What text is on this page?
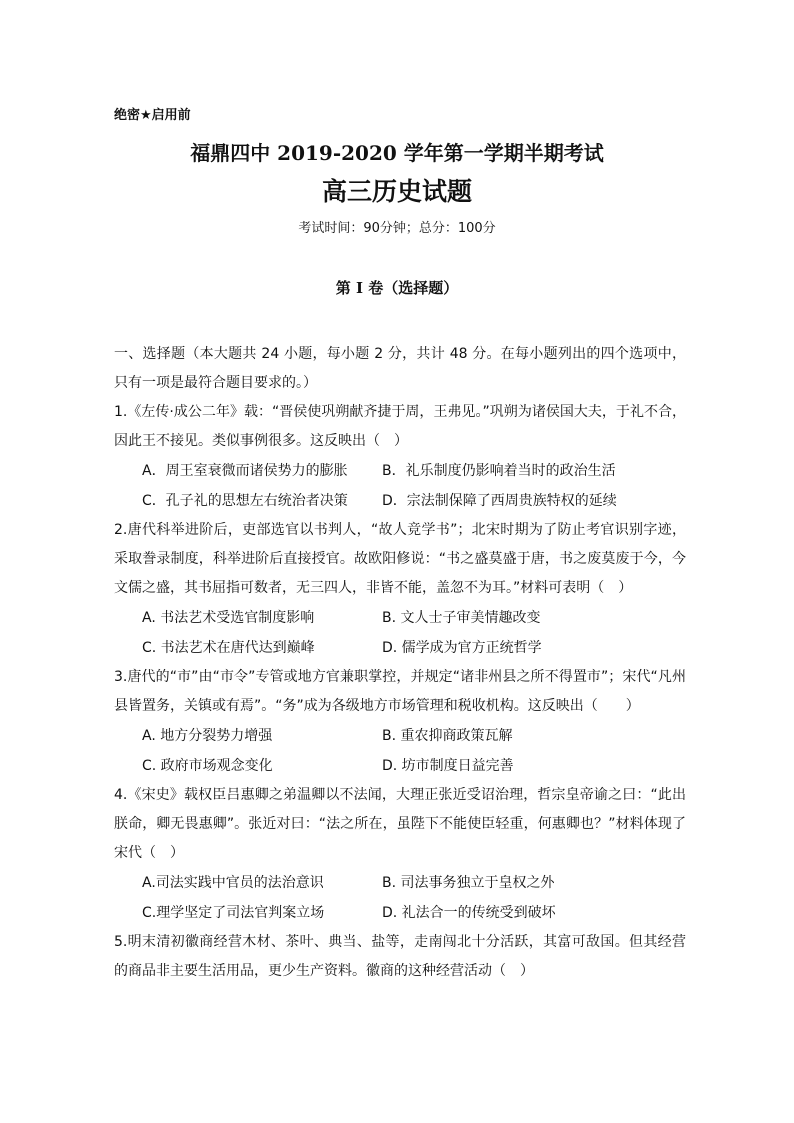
绝密★启用前
福鼎四中 2019-2020 学年第一学期半期考试
高三历史试题
考试时间：90分钟；总分：100分
第 I 卷（选择题）

一、选择题（本大题共 24 小题，每小题 2 分，共计 48 分。在每小题列出的四个选项中，只有一项是最符合题目要求的。）

1.《左传·成公二年》载：“晋侯使巩朔献齐捷于周，王弗见。”巩朔为诸侯国大夫，于礼不合，因此王不接见。类似事例很多。这反映出（　）

A．周王室衰微而诸侯势力的膨胀	B．礼乐制度仍影响着当时的政治生活
C．孔子礼的思想左右统治者决策	D．宗法制保障了西周贵族特权的延续

2.唐代科举进阶后，吏部选官以书判人，“故人竞学书”；北宋时期为了防止考官识别字迹，采取誊录制度，科举进阶后直接授官。故欧阳修说：“书之盛莫盛于唐，书之废莫废于今，今文儒之盛，其书屈指可数者，无三四人，非皆不能，盖忽不为耳。”材料可表明（　）

A. 书法艺术受选官制度影响	B. 文人士子审美情趣改变
C. 书法艺术在唐代达到巅峰	D. 儒学成为官方正统哲学

3.唐代的“市”由“市令”专管或地方官兼职掌控，并规定“诸非州县之所不得置市”；宋代“凡州县皆置务，关镇或有焉”。“务”成为各级地方市场管理和税收机构。这反映出（　　）

A. 地方分裂势力增强	B. 重农抑商政策瓦解
C. 政府市场观念变化	D. 坊市制度日益完善

4.《宋史》载权臣吕惠卿之弟温卿以不法闻，大理正张近受诏治理，哲宗皇帝谕之曰：“此出朕命，卿无畏惠卿”。张近对曰：“法之所在，虽陛下不能使臣轻重，何惠卿也？”材料体现了宋代（　）

A.司法实践中官员的法治意识	B. 司法事务独立于皇权之外
C.理学坚定了司法官判案立场	D. 礼法合一的传统受到破坏

5.明末清初徽商经营木材、茶叶、典当、盐等，走南闯北十分活跃，其富可敌国。但其经营的商品非主要生活用品，更少生产资料。徽商的这种经营活动（　）
